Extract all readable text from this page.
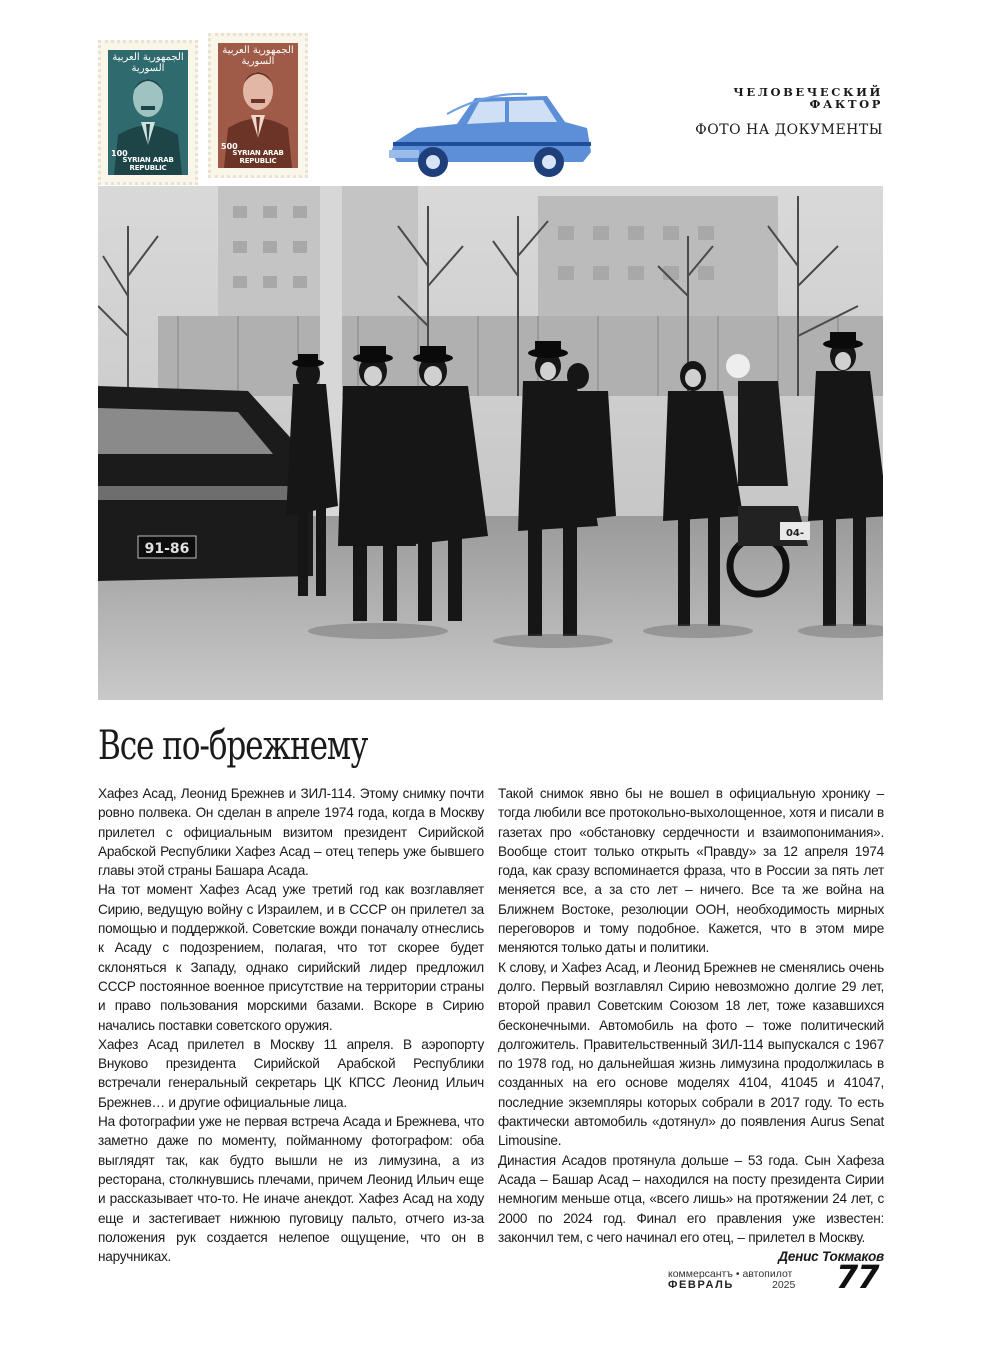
الجمهورية العربية السورية
100
SYRIAN ARAB REPUBLIC
الجمهورية العربية السورية
500
SYRIAN ARAB REPUBLIC
ЧЕЛОВЕЧЕСКИЙ
ФАКТОР
ФОТО НА ДОКУМЕНТЫ
91-86
04-
Все по-брежнему

Хафез Асад, Леонид Брежнев и ЗИЛ-114. Этому снимку почти ровно полвека. Он сделан в апреле 1974 года, когда в Москву прилетел с официальным визитом президент Сирийской Арабской Республики Хафез Асад – отец теперь уже бывшего главы этой страны Башара Асада.

На тот момент Хафез Асад уже третий год как возглавляет Сирию, ведущую войну с Израилем, и в СССР он прилетел за помощью и поддержкой. Советские вожди поначалу отнеслись к Асаду с подозрением, полагая, что тот скорее будет склоняться к Западу, однако сирийский лидер предложил СССР постоянное военное присутствие на территории страны и право пользования морскими базами. Вскоре в Сирию начались поставки советского оружия.

Хафез Асад прилетел в Москву 11 апреля. В аэропорту Внуково президента Сирийской Арабской Республики встречали генеральный секретарь ЦК КПСС Леонид Ильич Брежнев… и другие официальные лица.

На фотографии уже не первая встреча Асада и Брежнева, что заметно даже по моменту, пойманному фотографом: оба выглядят так, как будто вышли не из лимузина, а из ресторана, столкнувшись плечами, причем Леонид Ильич еще и рассказывает что-то. Не иначе анекдот. Хафез Асад на ходу еще и застегивает нижнюю пуговицу пальто, отчего из-за положения рук создается нелепое ощущение, что он в наручниках.

Такой снимок явно бы не вошел в официальную хронику – тогда любили все протокольно-выхолощенное, хотя и писали в газетах про «обстановку сердечности и взаимопонимания». Вообще стоит только открыть «Правду» за 12 апреля 1974 года, как сразу вспоминается фраза, что в России за пять лет меняется все, а за сто лет – ничего. Все та же война на Ближнем Востоке, резолюции ООН, необходимость мирных переговоров и тому подобное. Кажется, что в этом мире меняются только даты и политики.

К слову, и Хафез Асад, и Леонид Брежнев не сменялись очень долго. Первый возглавлял Сирию невозможно долгие 29 лет, второй правил Советским Союзом 18 лет, тоже казавшихся бесконечными. Автомобиль на фото – тоже политический долгожитель. Правительственный ЗИЛ-114 выпускался с 1967 по 1978 год, но дальнейшая жизнь лимузина продолжилась в созданных на его основе моделях 4104, 41045 и 41047, последние экземпляры которых собрали в 2017 году. То есть фактически автомобиль «дотянул» до появления Aurus Senat Limousine.

Династия Асадов протянула дольше – 53 года. Сын Хафеза Асада – Башар Асад – находился на посту президента Сирии немногим меньше отца, «всего лишь» на протяжении 24 лет, с 2000 по 2024 год. Финал его правления уже известен: закончил тем, с чего начинал его отец, – прилетел в Москву.

Денис Токмаков

коммерсантъ • автопилот
ФЕВРАЛЬ	2025 77
